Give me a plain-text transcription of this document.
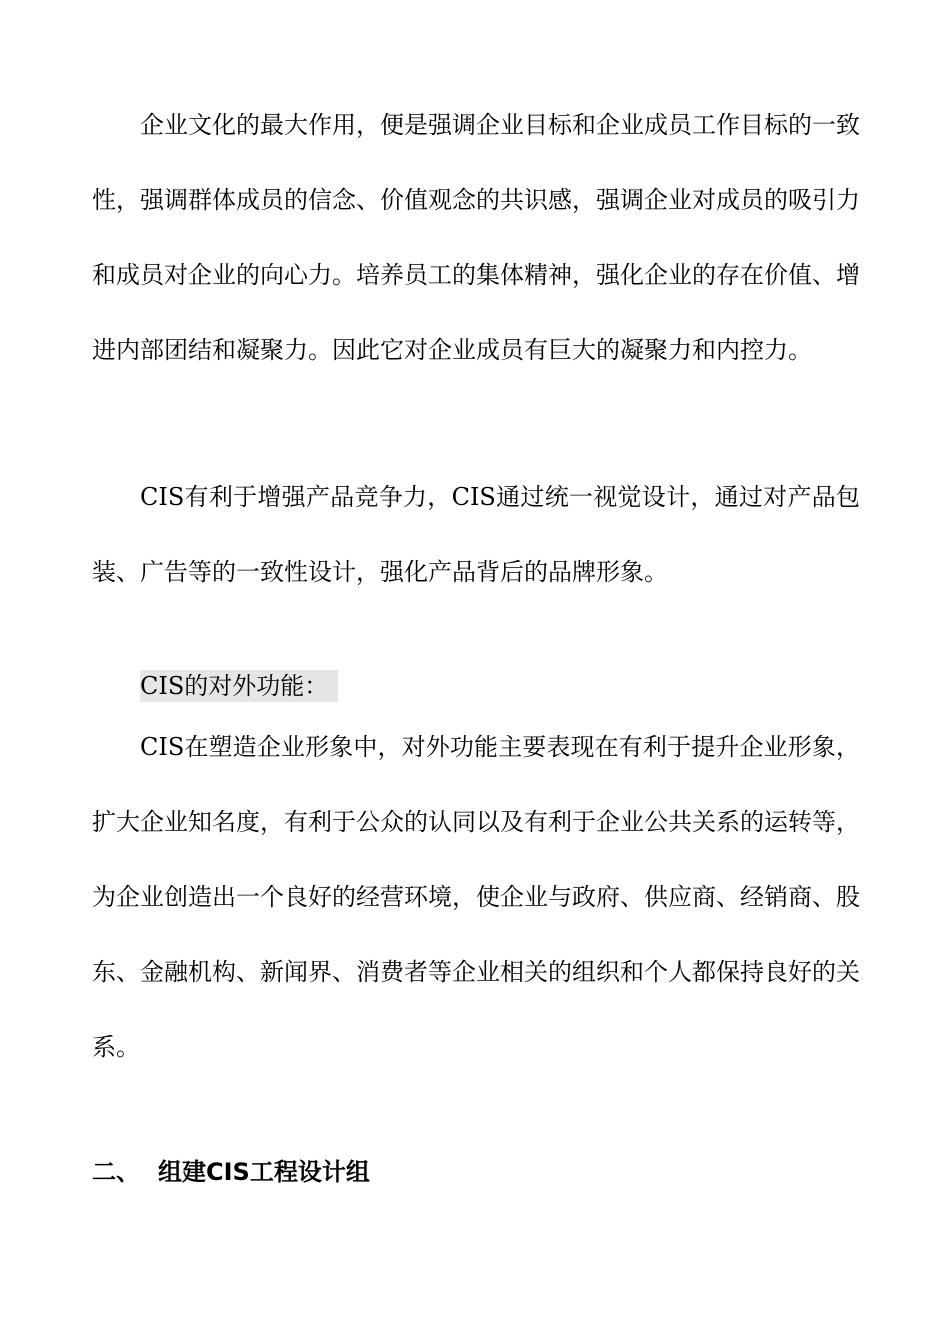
企业文化的最大作用，便是强调企业目标和企业成员工作目标的一致性，强调群体成员的信念、价值观念的共识感，强调企业对成员的吸引力和成员对企业的向心力。培养员工的集体精神，强化企业的存在价值、增进内部团结和凝聚力。因此它对企业成员有巨大的凝聚力和内控力。

CIS有利于增强产品竞争力，CIS通过统一视觉设计，通过对产品包装、广告等的一致性设计，强化产品背后的品牌形象。

CIS的对外功能：

CIS在塑造企业形象中，对外功能主要表现在有利于提升企业形象，扩大企业知名度，有利于公众的认同以及有利于企业公共关系的运转等，为企业创造出一个良好的经营环境，使企业与政府、供应商、经销商、股东、金融机构、新闻界、消费者等企业相关的组织和个人都保持良好的关系。

二、 组建CIS工程设计组
